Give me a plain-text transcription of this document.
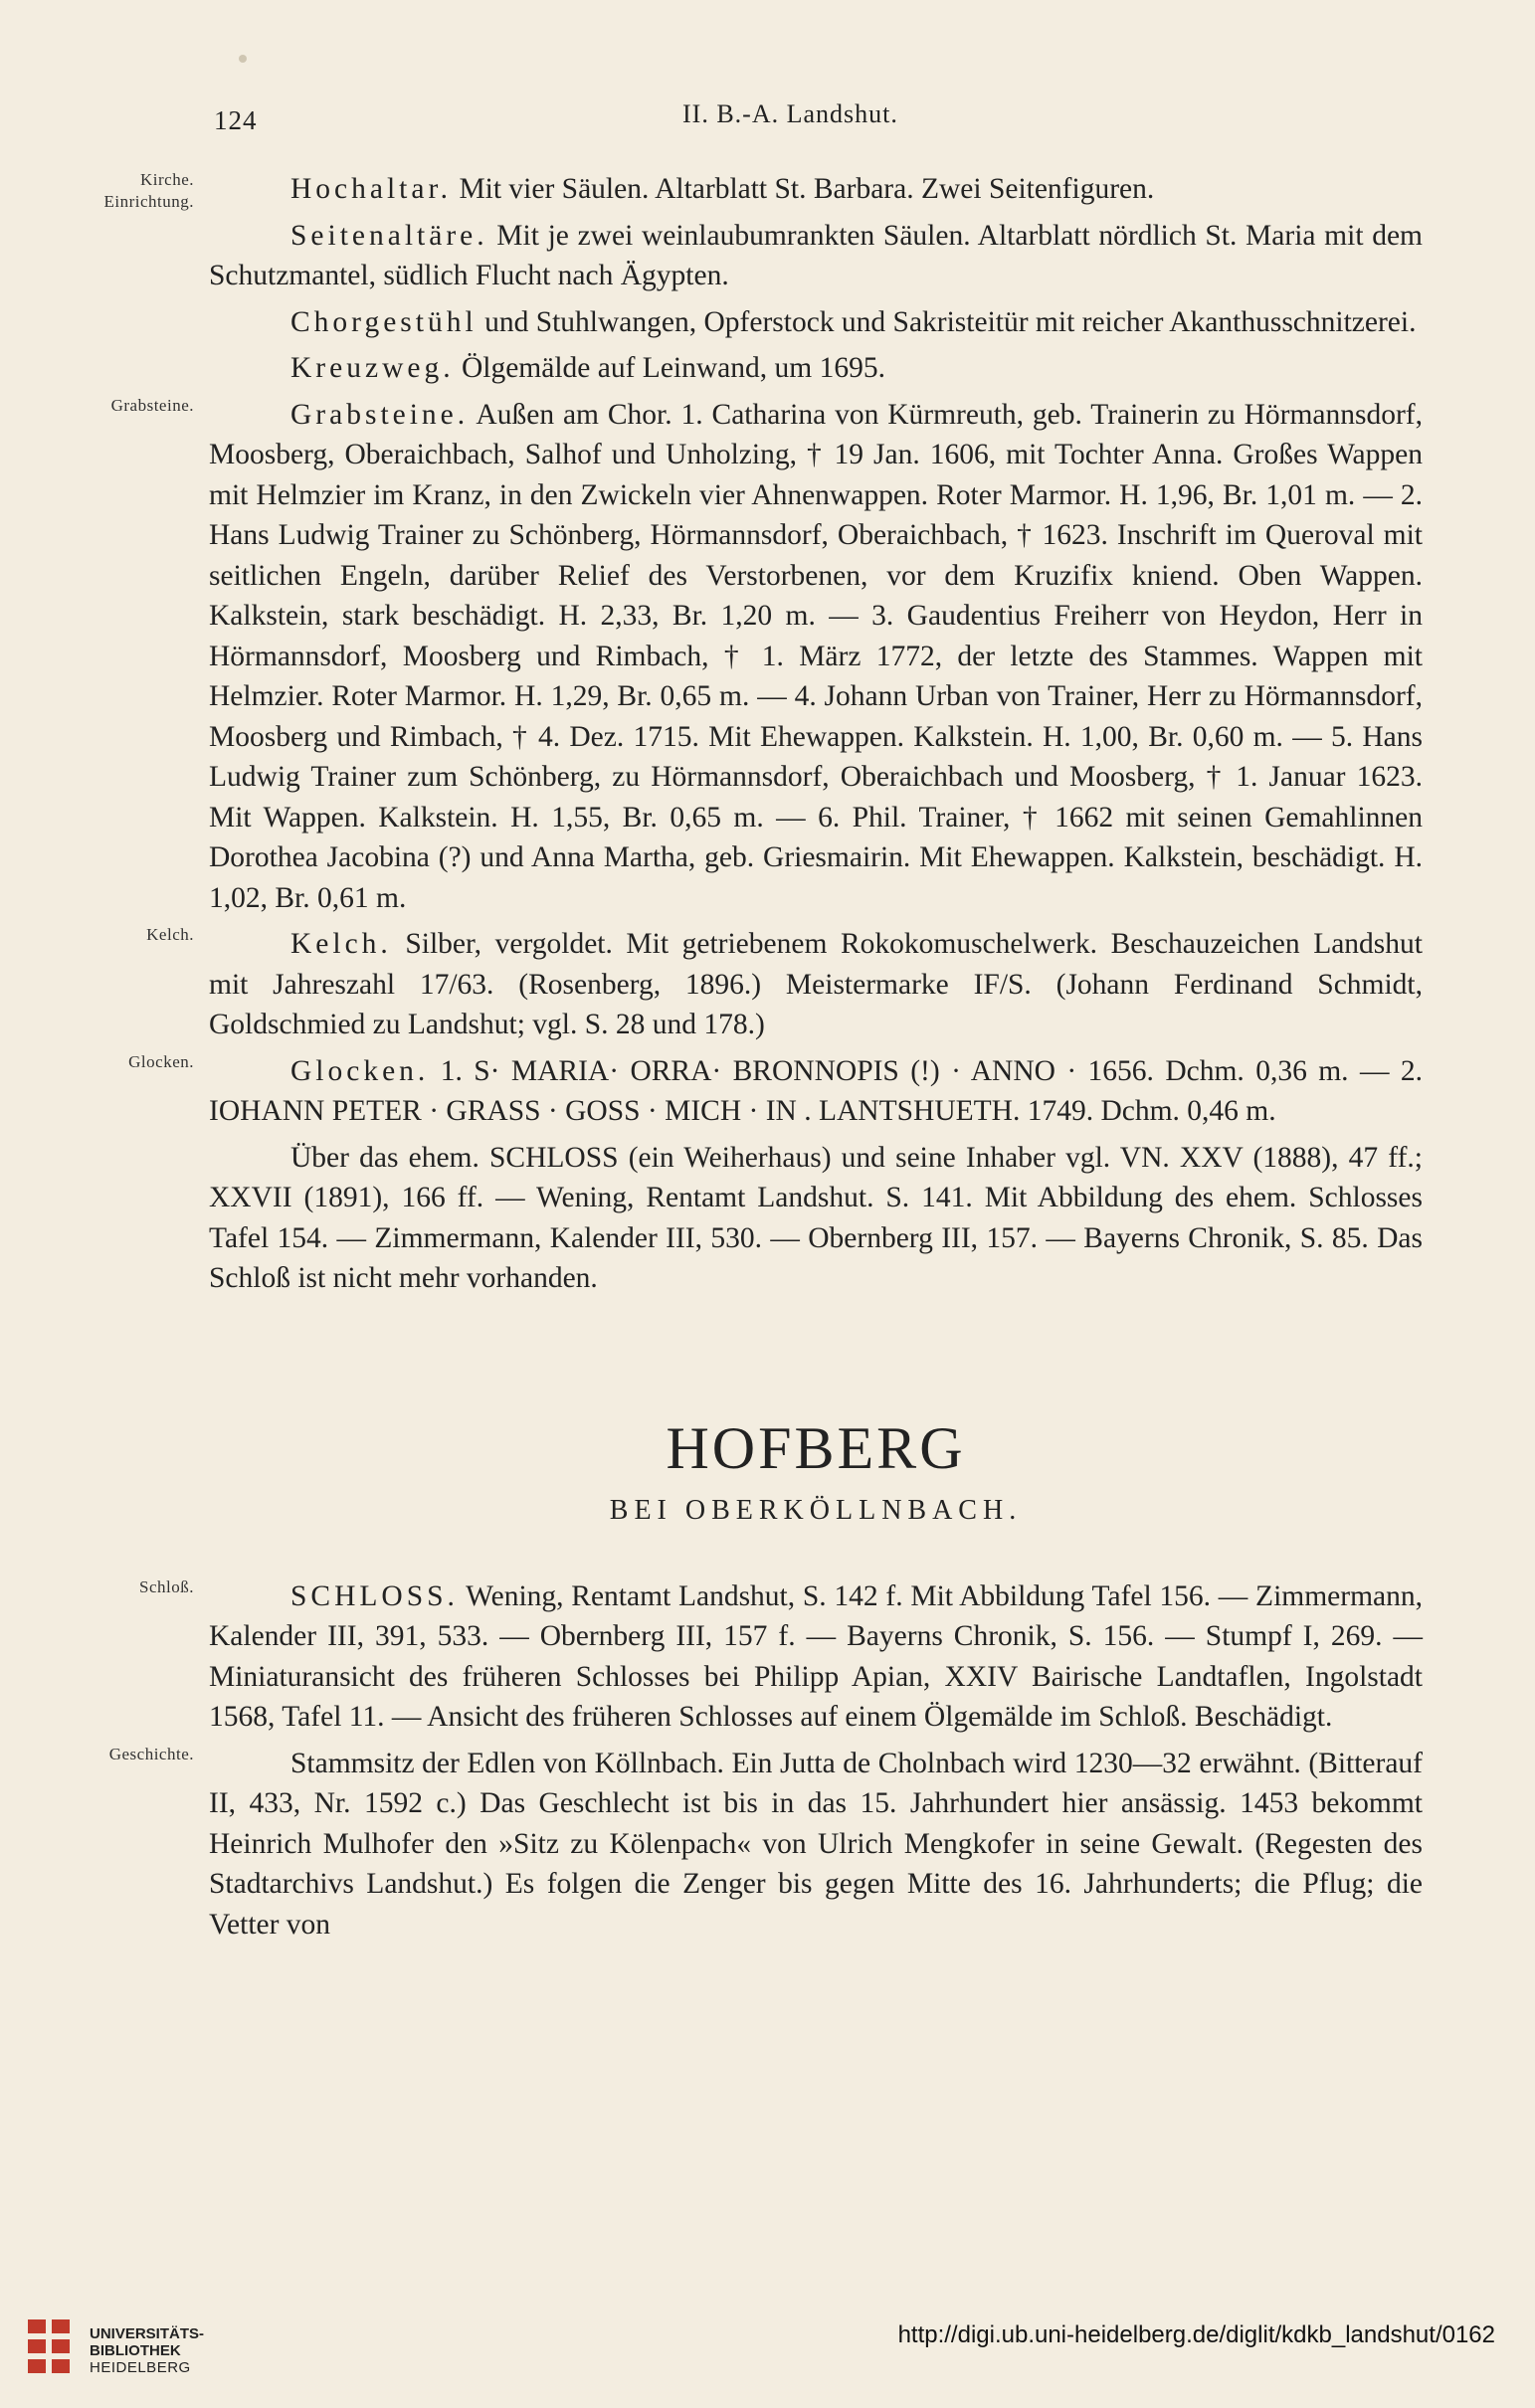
124	II. B.-A. Landshut.

Kirche. Einrichtung.	Hochaltar. Mit vier Säulen. Altarblatt St. Barbara. Zwei Seitenfiguren.

Seitenaltäre. Mit je zwei weinlaubumrankten Säulen. Altarblatt nördlich St. Maria mit dem Schutzmantel, südlich Flucht nach Ägypten.

Chorgestühl und Stuhlwangen, Opferstock und Sakristeitür mit reicher Akanthusschnitzerei.

Kreuzweg. Ölgemälde auf Leinwand, um 1695.

Grabsteine.	Grabsteine. Außen am Chor. 1. Catharina von Kürmreuth, geb. Trainerin zu Hörmannsdorf, Moosberg, Oberaichbach, Salhof und Unholzing, † 19 Jan. 1606, mit Tochter Anna. Großes Wappen mit Helmzier im Kranz, in den Zwickeln vier Ahnenwappen. Roter Marmor. H. 1,96, Br. 1,01 m. — 2. Hans Ludwig Trainer zu Schönberg, Hörmannsdorf, Oberaichbach, † 1623. Inschrift im Queroval mit seitlichen Engeln, darüber Relief des Verstorbenen, vor dem Kruzifix kniend. Oben Wappen. Kalkstein, stark beschädigt. H. 2,33, Br. 1,20 m. — 3. Gaudentius Freiherr von Heydon, Herr in Hörmannsdorf, Moosberg und Rimbach, † 1. März 1772, der letzte des Stammes. Wappen mit Helmzier. Roter Marmor. H. 1,29, Br. 0,65 m. — 4. Johann Urban von Trainer, Herr zu Hörmannsdorf, Moosberg und Rimbach, † 4. Dez. 1715. Mit Ehewappen. Kalkstein. H. 1,00, Br. 0,60 m. — 5. Hans Ludwig Trainer zum Schönberg, zu Hörmannsdorf, Oberaichbach und Moosberg, † 1. Januar 1623. Mit Wappen. Kalkstein. H. 1,55, Br. 0,65 m. — 6. Phil. Trainer, † 1662 mit seinen Gemahlinnen Dorothea Jacobina (?) und Anna Martha, geb. Griesmairin. Mit Ehewappen. Kalkstein, beschädigt. H. 1,02, Br. 0,61 m.

Kelch.	Kelch. Silber, vergoldet. Mit getriebenem Rokokomuschelwerk. Beschauzeichen Landshut mit Jahreszahl 17/63. (Rosenberg, 1896.) Meistermarke IF/S. (Johann Ferdinand Schmidt, Goldschmied zu Landshut; vgl. S. 28 und 178.)

Glocken.	Glocken. 1. S· MARIA· ORRA· BRONNOPIS (!) · ANNO · 1656. Dchm. 0,36 m. — 2. IOHANN PETER · GRASS · GOSS · MICH · IN . LANTSHUETH. 1749. Dchm. 0,46 m.

Über das ehem. SCHLOSS (ein Weiherhaus) und seine Inhaber vgl. VN. XXV (1888), 47 ff.; XXVII (1891), 166 ff. — Wening, Rentamt Landshut. S. 141. Mit Abbildung des ehem. Schlosses Tafel 154. — Zimmermann, Kalender III, 530. — Obernberg III, 157. — Bayerns Chronik, S. 85. Das Schloß ist nicht mehr vorhanden.

HOFBERG
BEI OBERKÖLLNBACH.

Schloß.	SCHLOSS. Wening, Rentamt Landshut, S. 142 f. Mit Abbildung Tafel 156. — Zimmermann, Kalender III, 391, 533. — Obernberg III, 157 f. — Bayerns Chronik, S. 156. — Stumpf I, 269. — Miniaturansicht des früheren Schlosses bei Philipp Apian, XXIV Bairische Landtaflen, Ingolstadt 1568, Tafel 11. — Ansicht des früheren Schlosses auf einem Ölgemälde im Schloß. Beschädigt.

Geschichte.	Stammsitz der Edlen von Köllnbach. Ein Jutta de Cholnbach wird 1230—32 erwähnt. (Bitterauf II, 433, Nr. 1592 c.) Das Geschlecht ist bis in das 15. Jahrhundert hier ansässig. 1453 bekommt Heinrich Mulhofer den »Sitz zu Kölenpach« von Ulrich Mengkofer in seine Gewalt. (Regesten des Stadtarchivs Landshut.) Es folgen die Zenger bis gegen Mitte des 16. Jahrhunderts; die Pflug; die Vetter von

UNIVERSITÄTS-
BIBLIOTHEK
HEIDELBERG
http://digi.ub.uni-heidelberg.de/diglit/kdkb_landshut/0162
